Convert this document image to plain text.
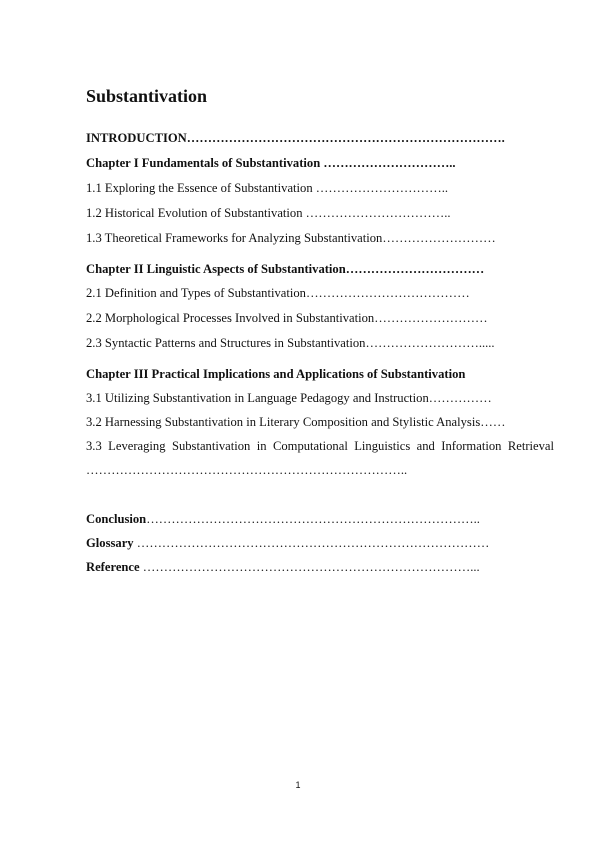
Substantivation
INTRODUCTION………………………………………………………………….
Chapter I Fundamentals of Substantivation …………………………..
1.1 Exploring the Essence of Substantivation …………………………..
1.2 Historical Evolution of Substantivation ……………………………..
1.3 Theoretical Frameworks for Analyzing Substantivation………………………
Chapter II Linguistic Aspects of Substantivation……………………………
2.1 Definition and Types of Substantivation…………………………………
2.2 Morphological Processes Involved in Substantivation………………………
2.3 Syntactic Patterns and Structures in Substantivation……………………….....
Chapter III Practical Implications and Applications of Substantivation
3.1 Utilizing Substantivation in Language Pedagogy and Instruction……………
3.2 Harnessing Substantivation in Literary Composition and Stylistic Analysis……
3.3 Leveraging Substantivation in Computational Linguistics and Information Retrieval …………………………………………………………………..
Conclusion……………………………………………………………………..
Glossary …………………………………………………………………………
Reference ……………………………………………………………………...
1
